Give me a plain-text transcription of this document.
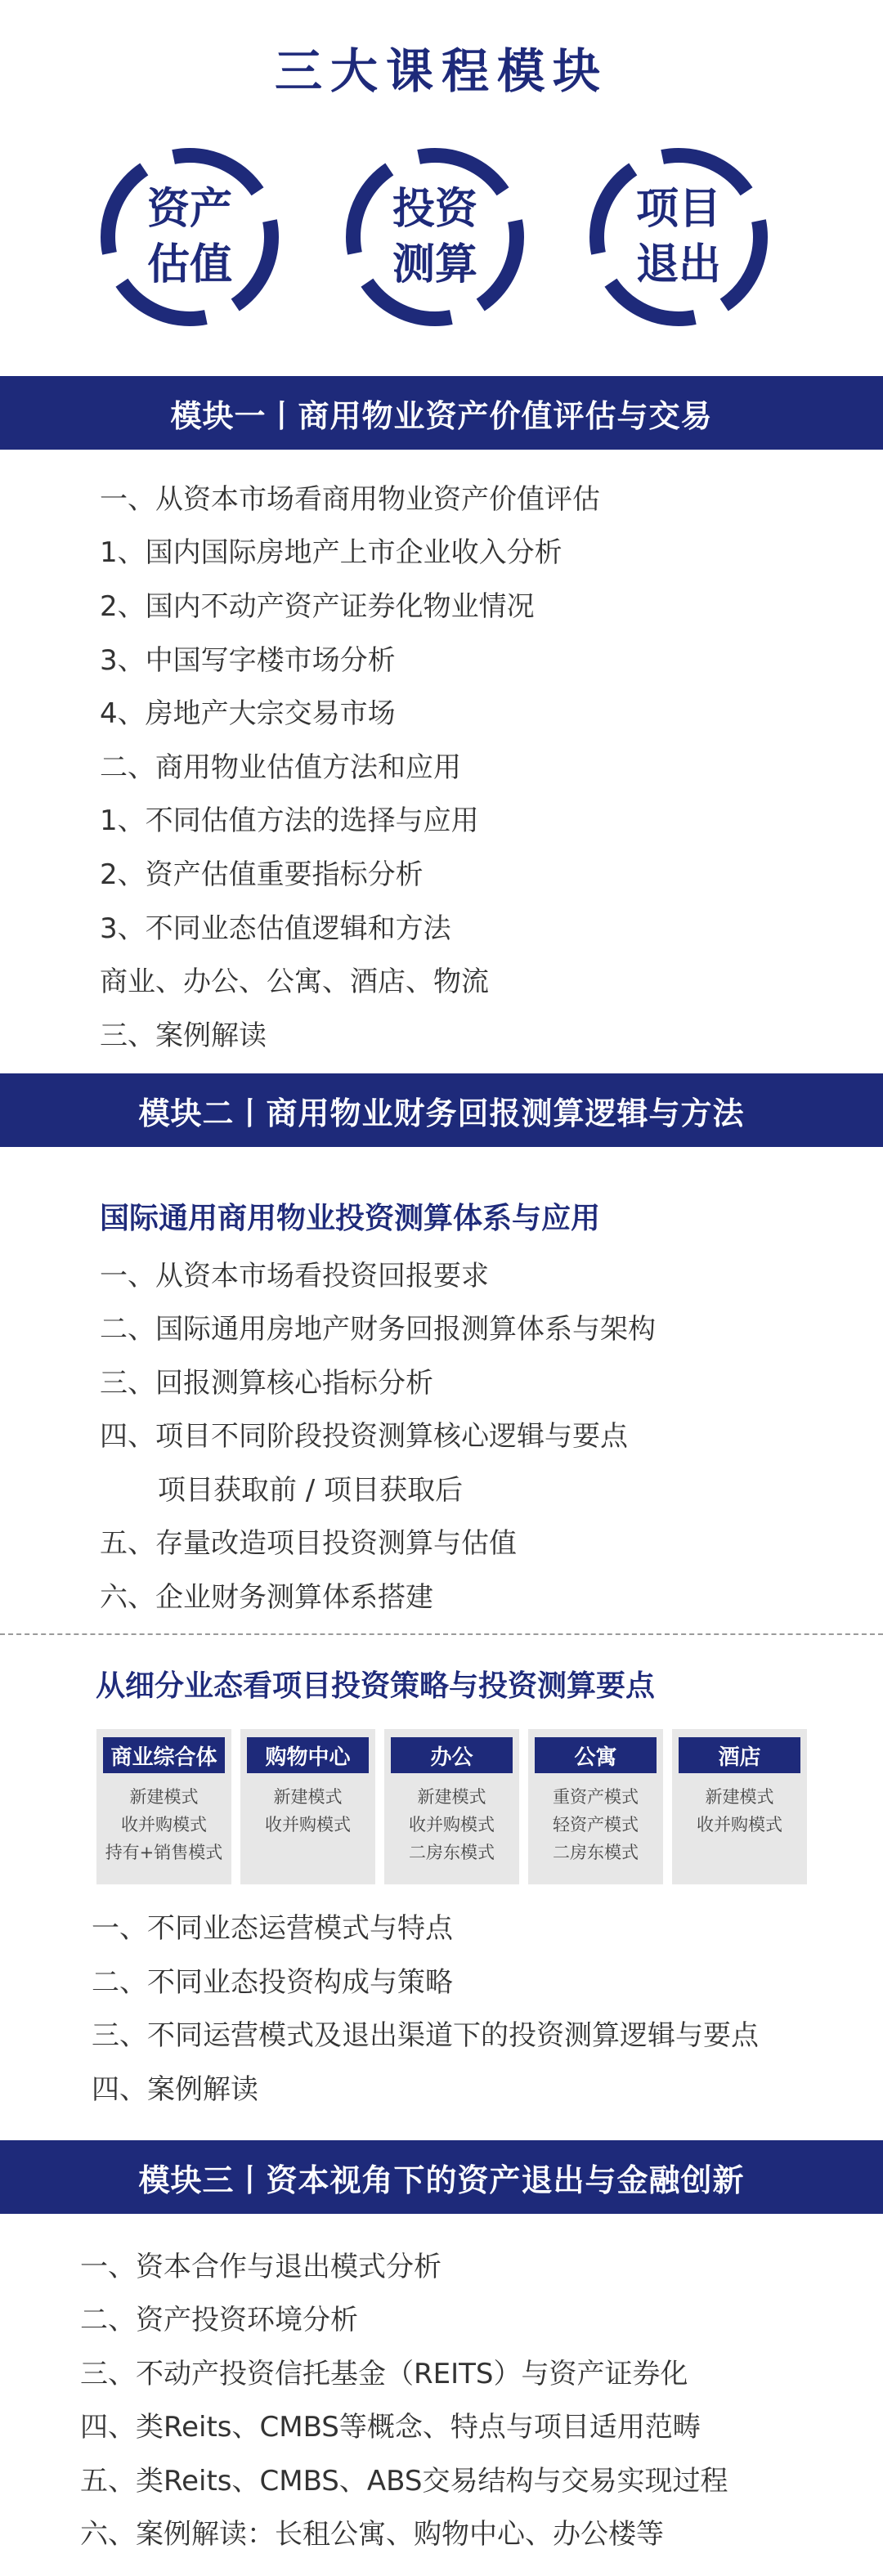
三大课程模块
资产
估值
投资
测算
项目
退出
模块一丨商用物业资产价值评估与交易
一、从资本市场看商用物业资产价值评估
1、国内国际房地产上市企业收入分析
2、国内不动产资产证券化物业情况
3、中国写字楼市场分析
4、房地产大宗交易市场
二、商用物业估值方法和应用
1、不同估值方法的选择与应用
2、资产估值重要指标分析
3、不同业态估值逻辑和方法
商业、办公、公寓、酒店、物流
三、案例解读
模块二丨商用物业财务回报测算逻辑与方法
国际通用商用物业投资测算体系与应用
一、从资本市场看投资回报要求
二、国际通用房地产财务回报测算体系与架构
三、回报测算核心指标分析
四、项目不同阶段投资测算核心逻辑与要点
项目获取前 / 项目获取后
五、存量改造项目投资测算与估值
六、企业财务测算体系搭建
从细分业态看项目投资策略与投资测算要点
商业综合体
新建模式
收并购模式
持有+销售模式
购物中心
新建模式
收并购模式
办公
新建模式
收并购模式
二房东模式
公寓
重资产模式
轻资产模式
二房东模式
酒店
新建模式
收并购模式
一、不同业态运营模式与特点
二、不同业态投资构成与策略
三、不同运营模式及退出渠道下的投资测算逻辑与要点
四、案例解读
模块三丨资本视角下的资产退出与金融创新
一、资本合作与退出模式分析
二、资产投资环境分析
三、不动产投资信托基金（REITS）与资产证券化
四、类Reits、CMBS等概念、特点与项目适用范畴
五、类Reits、CMBS、ABS交易结构与交易实现过程
六、案例解读：长租公寓、购物中心、办公楼等
